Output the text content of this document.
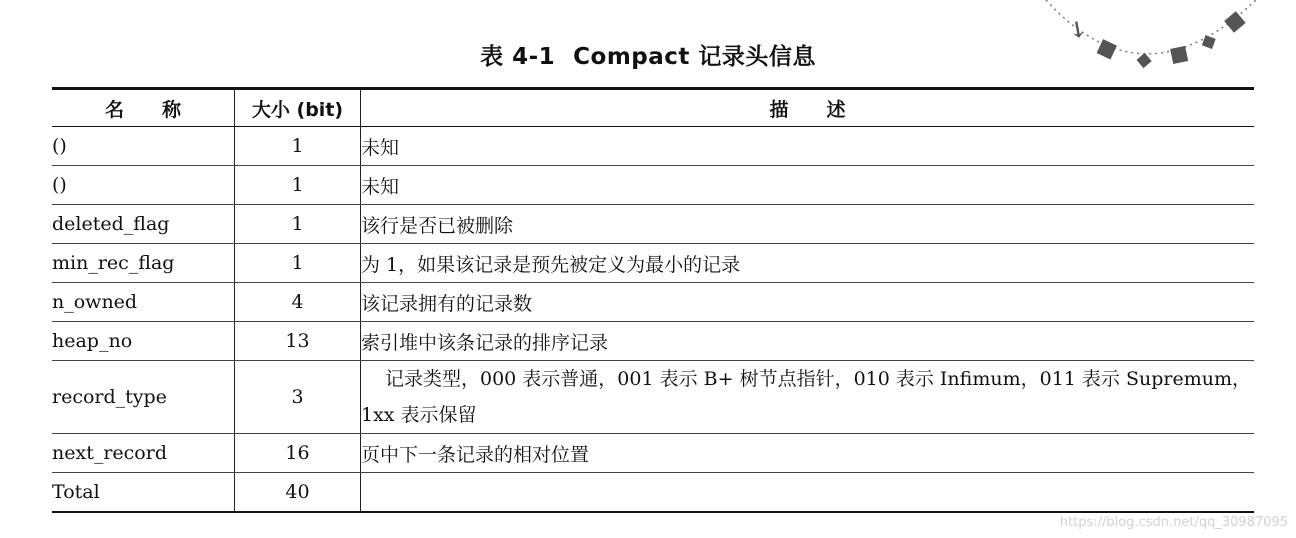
↘
■ ◆ ■ ◆
■
表 4-1 Compact 记录头信息
名　　称	大小 (bit)	描　　述
()	1	未知
()	1	未知
deleted_flag	1	该行是否已被删除
min_rec_flag	1	为 1，如果该记录是预先被定义为最小的记录
n_owned	4	该记录拥有的记录数
heap_no	13	索引堆中该条记录的排序记录
record_type	3	记录类型，000 表示普通，001 表示 B+ 树节点指针，010 表示 Infimum，011 表示 Supremum，1xx 表示保留
next_record	16	页中下一条记录的相对位置
Total	40	
https://blog.csdn.net/qq_30987095
